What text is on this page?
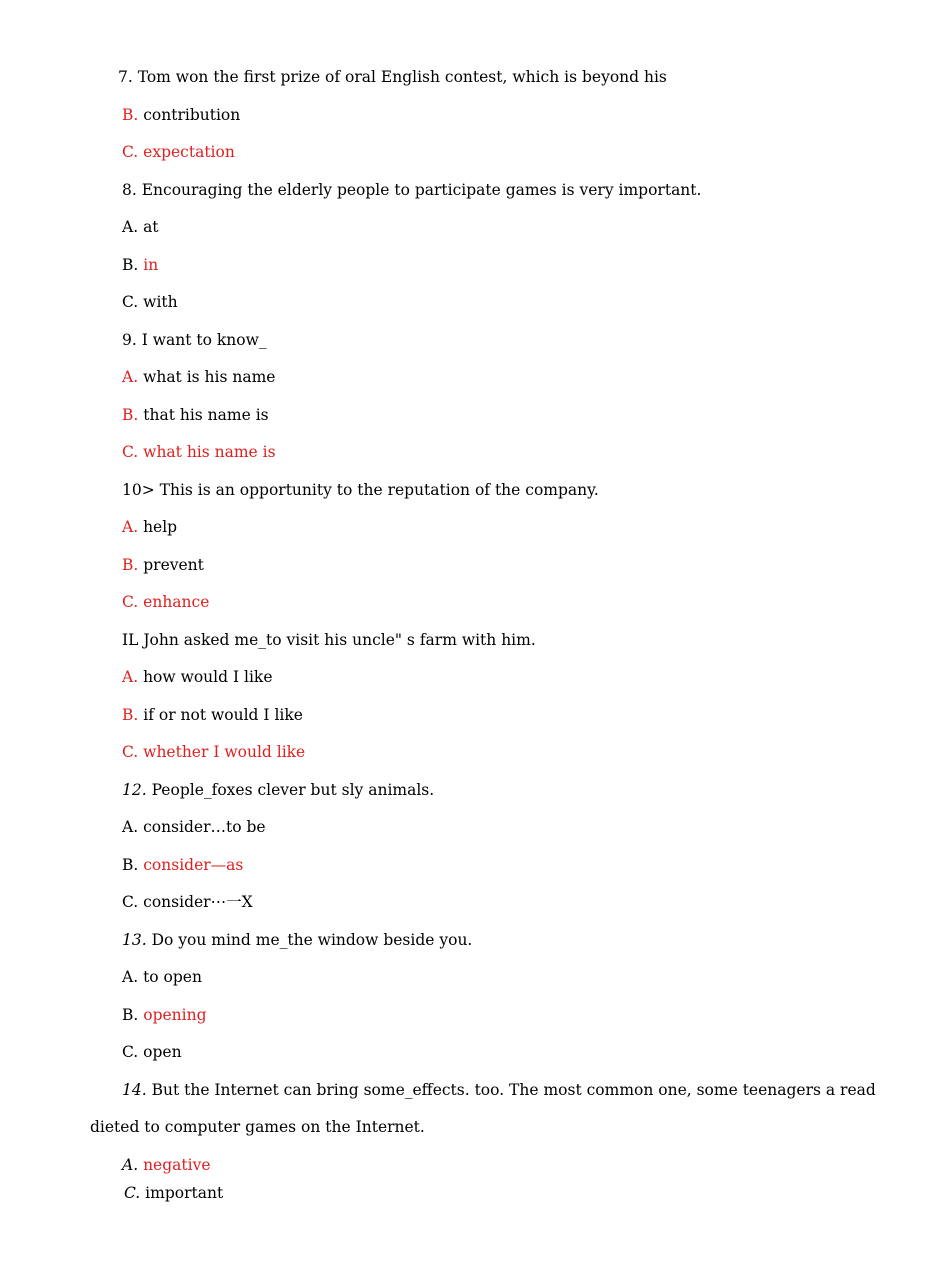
7. Tom won the first prize of oral English contest, which is beyond his
B. contribution
C. expectation
8. Encouraging the elderly people to participate games is very important.
A. at
B. in
C. with
9. I want to know_
A. what is his name
B. that his name is
C. what his name is
10> This is an opportunity to the reputation of the company.
A. help
B. prevent
C. enhance
IL John asked me_to visit his uncle" s farm with him.
A. how would I like
B. if or not would I like
C. whether I would like
12. People_foxes clever but sly animals.
A. consider…to be
B. consider—as
C. consider⋯一X
13. Do you mind me_the window beside you.
A. to open
B. opening
C. open
14. But the Internet can bring some_effects. too. The most common one, some teenagers a read
dieted to computer games on the Internet.
A. negative
C. important
